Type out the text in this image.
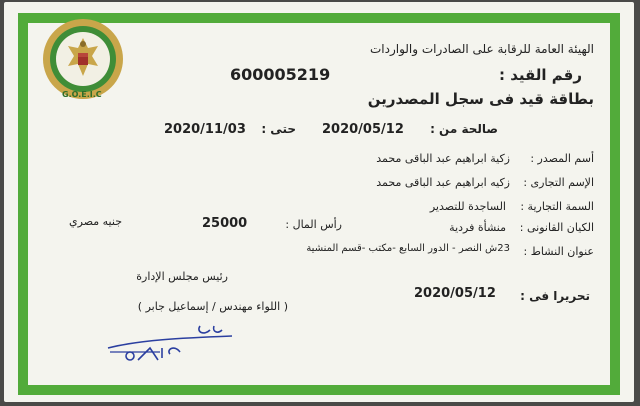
G.O.E.I.C
الهيئة العامة للرقابة على الصادرات والواردات
رقم القيد :
600005219
بطاقة قيد فى سجل المصدرين
صالحة من :
2020/05/12
حتى :
2020/11/03
أسم المصدر :
زكية ابراهيم عبد الباقى محمد
الإسم التجارى :
زكيه ابراهيم عبد الباقى محمد
السمة التجارية :
الساجدة للتصدير
الكيان القانونى :
منشأة فردية
رأس المال :
25000
جنيه مصري
عنوان النشاط :
23ش النصر - الدور السابع -مكتب -قسم المنشية
رئيس مجلس الإدارة
( اللواء مهندس / إسماعيل جابر )
تحريرا فى :
2020/05/12
